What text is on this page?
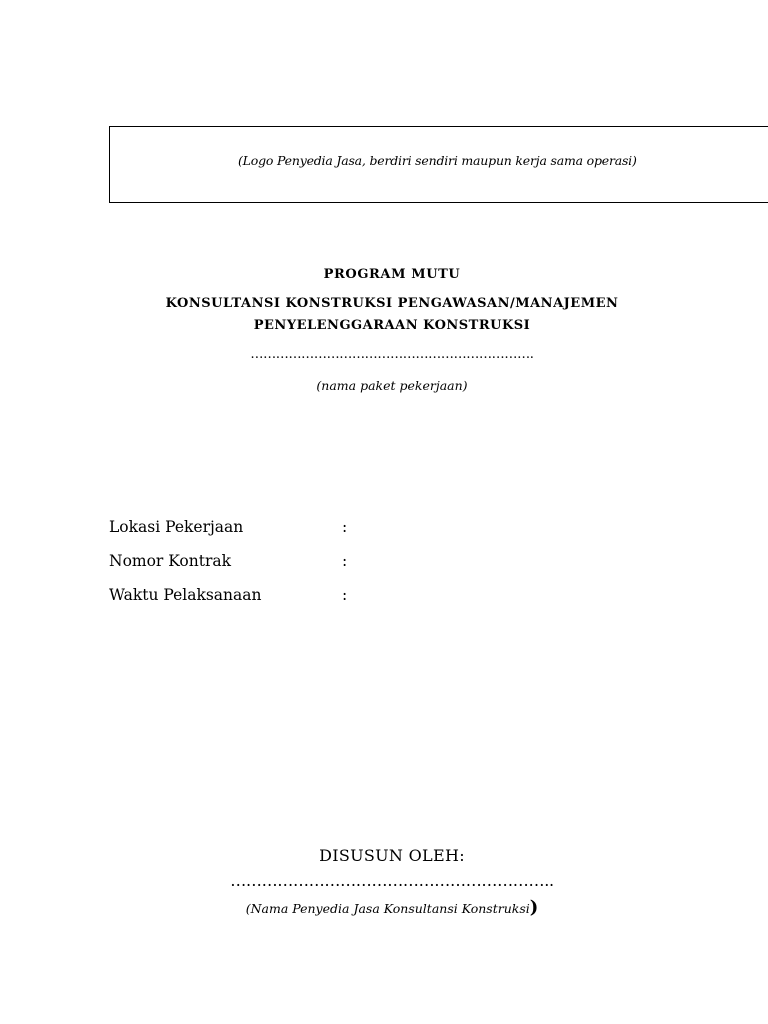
(Logo Penyedia Jasa, berdiri sendiri maupun kerja sama operasi)
PROGRAM MUTU
KONSULTANSI KONSTRUKSI PENGAWASAN/MANAJEMEN
PENYELENGGARAAN KONSTRUKSI
………………………………………………………….
(nama paket pekerjaan)
Lokasi Pekerjaan	:
Nomor Kontrak	:
Waktu Pelaksanaan	:
DISUSUN OLEH:
……………………………………………………..
(Nama Penyedia Jasa Konsultansi Konstruksi)
